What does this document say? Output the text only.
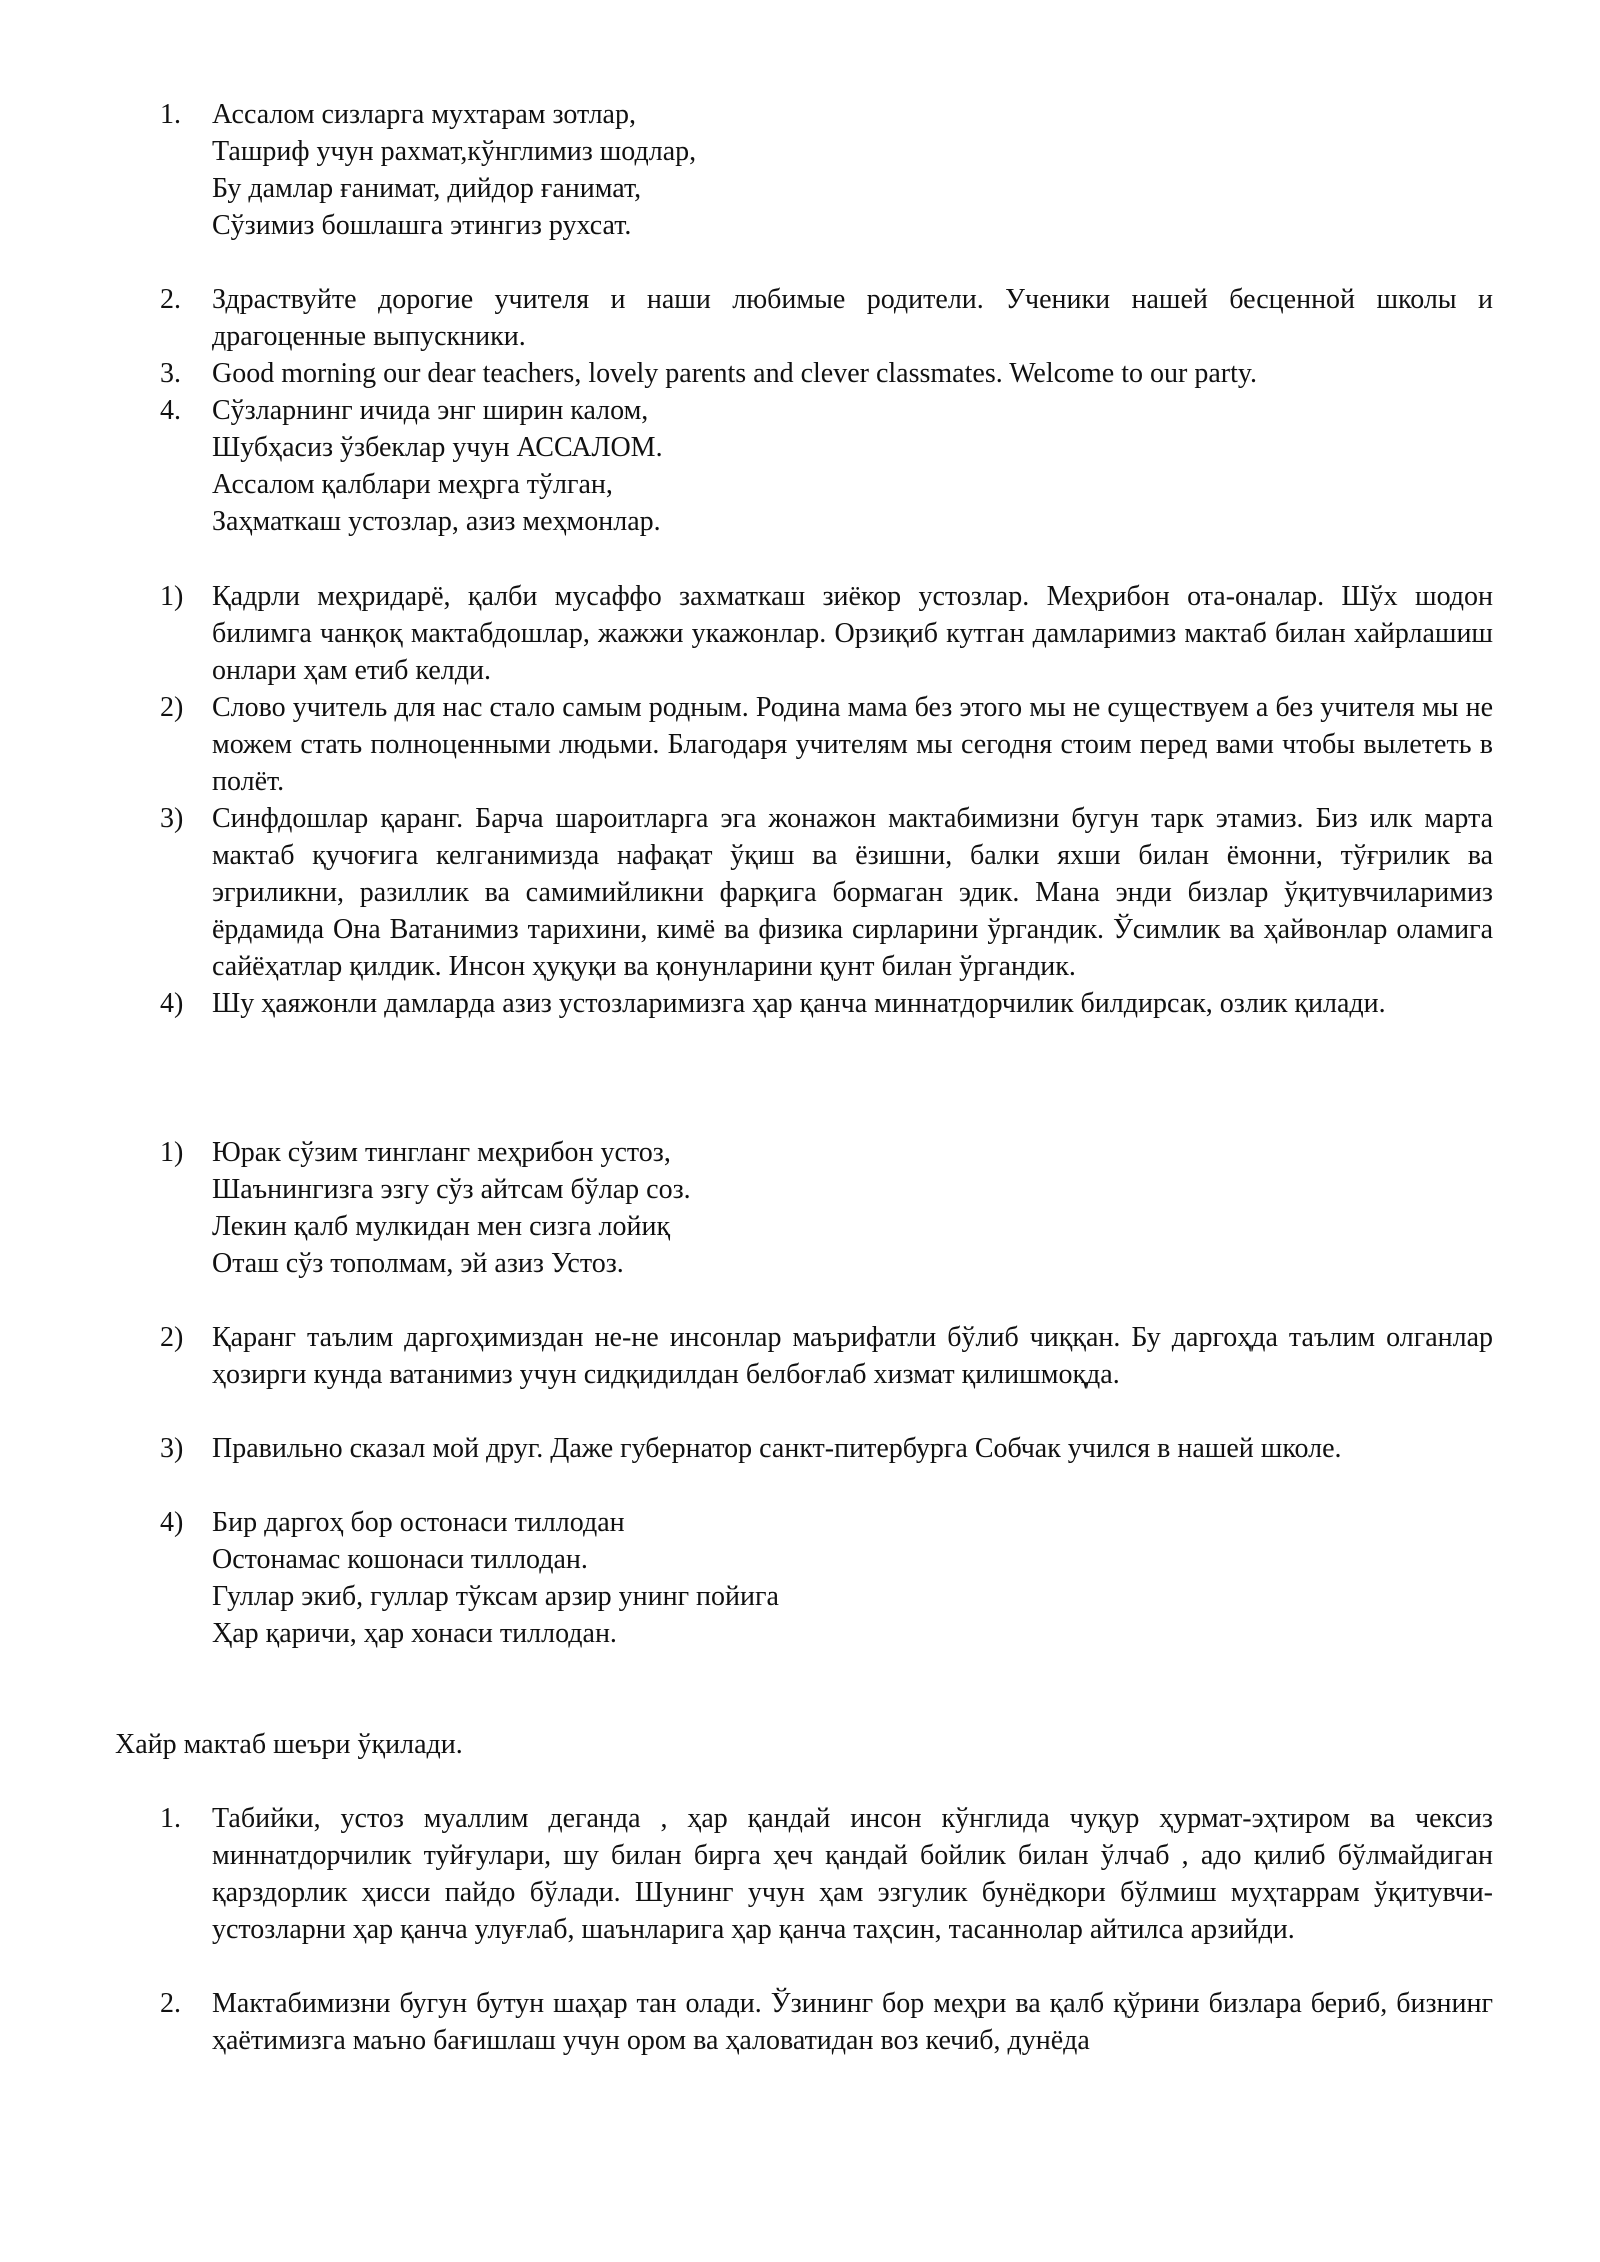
1.	Ассалом сизларга мухтарам зотлар,
Ташриф учун рахмат,кўнглимиз шодлар,
Бу дамлар ғанимат, дийдор ғанимат,
Сўзимиз бошлашга этингиз рухсат.
2.	Здраствуйте дорогие учителя и наши любимые родители. Ученики нашей бесценной школы и драгоценные выпускники.
3.	Good morning our dear teachers, lovely parents and clever classmates. Welcome to our party.
4.	Сўзларнинг ичида энг ширин калом,
Шубҳасиз ўзбеклар учун АССАЛОМ.
Ассалом қалблари меҳрга тўлган,
Заҳматкаш устозлар, азиз меҳмонлар.
1)	Қадрли меҳридарё, қалби мусаффо захматкаш зиёкор устозлар. Меҳрибон ота-оналар. Шўх шодон билимга чанқоқ мактабдошлар, жажжи укажонлар. Орзиқиб кутган дамларимиз мактаб билан хайрлашиш онлари ҳам етиб келди.
2)	Слово учитель для нас стало самым родным. Родина мама без этого мы не существуем а без учителя мы не можем стать полноценными людьми. Благодаря учителям мы сегодня стоим перед вами чтобы вылететь в полёт.
3)	Синфдошлар қаранг. Барча шароитларга эга жонажон мактабимизни бугун тарк этамиз. Биз илк марта мактаб қучоғига келганимизда нафақат ўқиш ва ёзишни, балки яхши билан ёмонни, тўғрилик ва эгриликни, разиллик ва самимийликни фарқига бормаган эдик. Мана энди бизлар ўқитувчиларимиз ёрдамида Она Ватанимиз тарихини, кимё ва физика сирларини ўргандик. Ўсимлик ва ҳайвонлар оламига сайёҳатлар қилдик. Инсон ҳуқуқи ва қонунларини қунт билан ўргандик.
4)	Шу ҳаяжонли дамларда азиз устозларимизга ҳар қанча миннатдорчилик билдирсак, озлик қилади.
1)	Юрак сўзим тингланг меҳрибон устоз,
Шаънингизга эзгу сўз айтсам бўлар соз.
Лекин қалб мулкидан мен сизга лойиқ
Оташ сўз тополмам, эй азиз Устоз.
2)	Қаранг таълим даргоҳимиздан не-не инсонлар маърифатли бўлиб чиққан. Бу даргоҳда таълим олганлар ҳозирги кунда ватанимиз учун сидқидилдан белбоғлаб хизмат қилишмоқда.
3)	Правильно сказал мой друг. Даже губернатор санкт-питербурга Собчак учился в нашей школе.
4)	Бир даргоҳ бор остонаси тиллодан
Остонамас кошонаси тиллодан.
Гуллар экиб, гуллар тўксам арзир унинг пойига
Ҳар қаричи, ҳар хонаси тиллодан.
Хайр мактаб шеъри ўқилади.
1.	Табийки, устоз муаллим деганда , ҳар қандай инсон кўнглида чуқур ҳурмат-эҳтиром ва чексиз миннатдорчилик туйғулари, шу билан бирга ҳеч қандай бойлик билан ўлчаб , адо қилиб бўлмайдиган қарздорлик ҳисси пайдо бўлади. Шунинг учун ҳам эзгулик бунёдкори бўлмиш муҳтаррам ўқитувчи-устозларни ҳар қанча улуғлаб, шаънларига ҳар қанча таҳсин, тасаннолар айтилса арзийди.
2.	Мактабимизни бугун бутун шаҳар тан олади. Ўзининг бор меҳри ва қалб қўрини бизлара бериб, бизнинг ҳаётимизга маъно бағишлаш учун ором ва ҳаловатидан воз кечиб, дунёда
